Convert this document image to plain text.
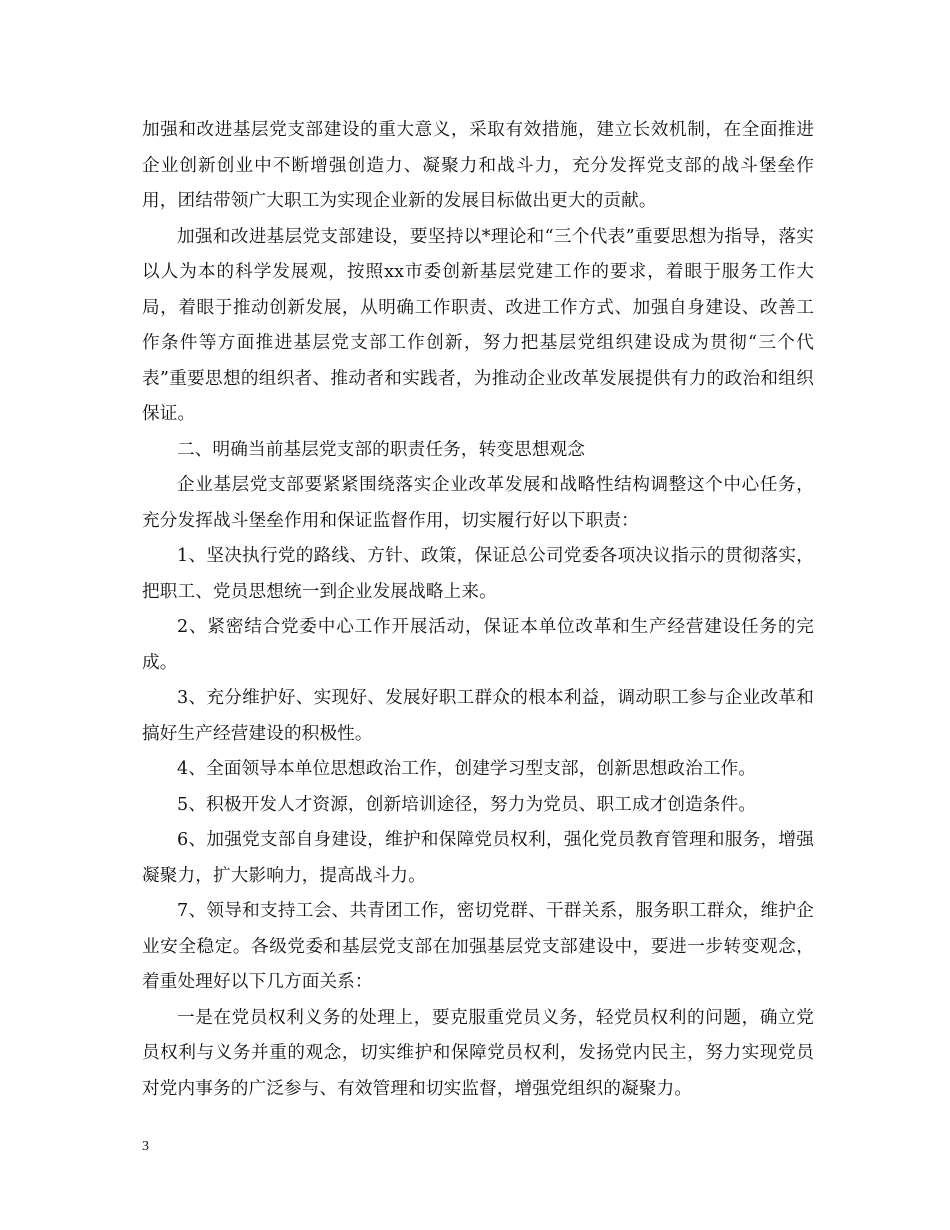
加强和改进基层党支部建设的重大意义，采取有效措施，建立长效机制，在全面推进企业创新创业中不断增强创造力、凝聚力和战斗力，充分发挥党支部的战斗堡垒作用，团结带领广大职工为实现企业新的发展目标做出更大的贡献。

加强和改进基层党支部建设，要坚持以*理论和“三个代表”重要思想为指导，落实以人为本的科学发展观，按照xx市委创新基层党建工作的要求，着眼于服务工作大局，着眼于推动创新发展，从明确工作职责、改进工作方式、加强自身建设、改善工作条件等方面推进基层党支部工作创新，努力把基层党组织建设成为贯彻“三个代表”重要思想的组织者、推动者和实践者，为推动企业改革发展提供有力的政治和组织保证。

二、明确当前基层党支部的职责任务，转变思想观念

企业基层党支部要紧紧围绕落实企业改革发展和战略性结构调整这个中心任务，充分发挥战斗堡垒作用和保证监督作用，切实履行好以下职责：

1、坚决执行党的路线、方针、政策，保证总公司党委各项决议指示的贯彻落实，把职工、党员思想统一到企业发展战略上来。

2、紧密结合党委中心工作开展活动，保证本单位改革和生产经营建设任务的完成。

3、充分维护好、实现好、发展好职工群众的根本利益，调动职工参与企业改革和搞好生产经营建设的积极性。

4、全面领导本单位思想政治工作，创建学习型支部，创新思想政治工作。

5、积极开发人才资源，创新培训途径，努力为党员、职工成才创造条件。

6、加强党支部自身建设，维护和保障党员权利，强化党员教育管理和服务，增强凝聚力，扩大影响力，提高战斗力。

7、领导和支持工会、共青团工作，密切党群、干群关系，服务职工群众，维护企业安全稳定。各级党委和基层党支部在加强基层党支部建设中，要进一步转变观念，着重处理好以下几方面关系：

一是在党员权利义务的处理上，要克服重党员义务，轻党员权利的问题，确立党员权利与义务并重的观念，切实维护和保障党员权利，发扬党内民主，努力实现党员对党内事务的广泛参与、有效管理和切实监督，增强党组织的凝聚力。

3
